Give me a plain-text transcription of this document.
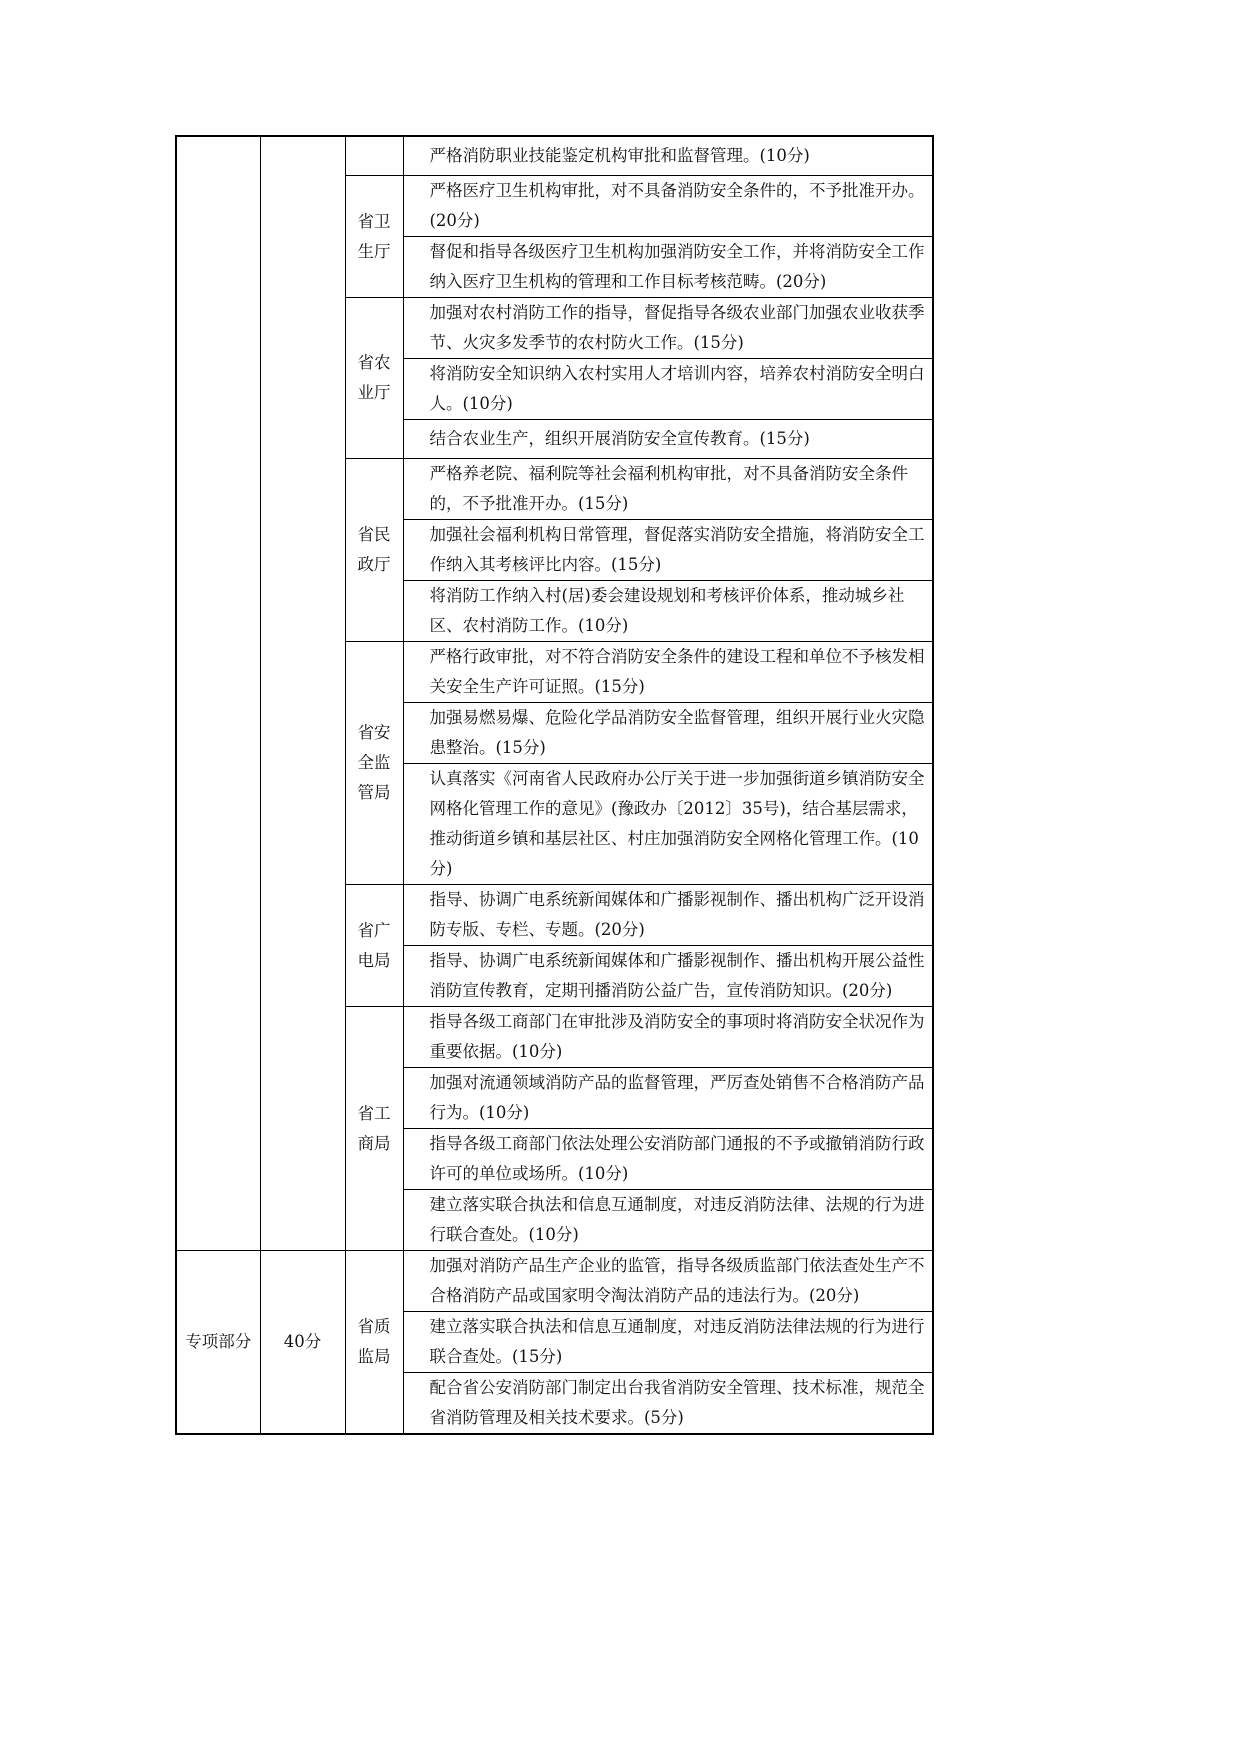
			严格消防职业技能鉴定机构审批和监督管理。(10分)
		省卫生厅	严格医疗卫生机构审批，对不具备消防安全条件的，不予批准开办。(20分)
			督促和指导各级医疗卫生机构加强消防安全工作，并将消防安全工作纳入医疗卫生机构的管理和工作目标考核范畴。(20分)
		省农业厅	加强对农村消防工作的指导，督促指导各级农业部门加强农业收获季节、火灾多发季节的农村防火工作。(15分)
			将消防安全知识纳入农村实用人才培训内容，培养农村消防安全明白人。(10分)
			结合农业生产，组织开展消防安全宣传教育。(15分)
		省民政厅	严格养老院、福利院等社会福利机构审批，对不具备消防安全条件的，不予批准开办。(15分)
			加强社会福利机构日常管理，督促落实消防安全措施，将消防安全工作纳入其考核评比内容。(15分)
			将消防工作纳入村(居)委会建设规划和考核评价体系，推动城乡社区、农村消防工作。(10分)
		省安全监管局	严格行政审批，对不符合消防安全条件的建设工程和单位不予核发相关安全生产许可证照。(15分)
			加强易燃易爆、危险化学品消防安全监督管理，组织开展行业火灾隐患整治。(15分)
			认真落实《河南省人民政府办公厅关于进一步加强街道乡镇消防安全网格化管理工作的意见》(豫政办〔2012〕35号)，结合基层需求，推动街道乡镇和基层社区、村庄加强消防安全网格化管理工作。(10分)
		省广电局	指导、协调广电系统新闻媒体和广播影视制作、播出机构广泛开设消防专版、专栏、专题。(20分)
			指导、协调广电系统新闻媒体和广播影视制作、播出机构开展公益性消防宣传教育，定期刊播消防公益广告，宣传消防知识。(20分)
		省工商局	指导各级工商部门在审批涉及消防安全的事项时将消防安全状况作为重要依据。(10分)
			加强对流通领域消防产品的监督管理，严厉查处销售不合格消防产品行为。(10分)
			指导各级工商部门依法处理公安消防部门通报的不予或撤销消防行政许可的单位或场所。(10分)
			建立落实联合执法和信息互通制度，对违反消防法律、法规的行为进行联合查处。(10分)
专项部分	40分	省质监局	加强对消防产品生产企业的监管，指导各级质监部门依法查处生产不合格消防产品或国家明令淘汰消防产品的违法行为。(20分)
			建立落实联合执法和信息互通制度，对违反消防法律法规的行为进行联合查处。(15分)
			配合省公安消防部门制定出台我省消防安全管理、技术标准，规范全省消防管理及相关技术要求。(5分)
